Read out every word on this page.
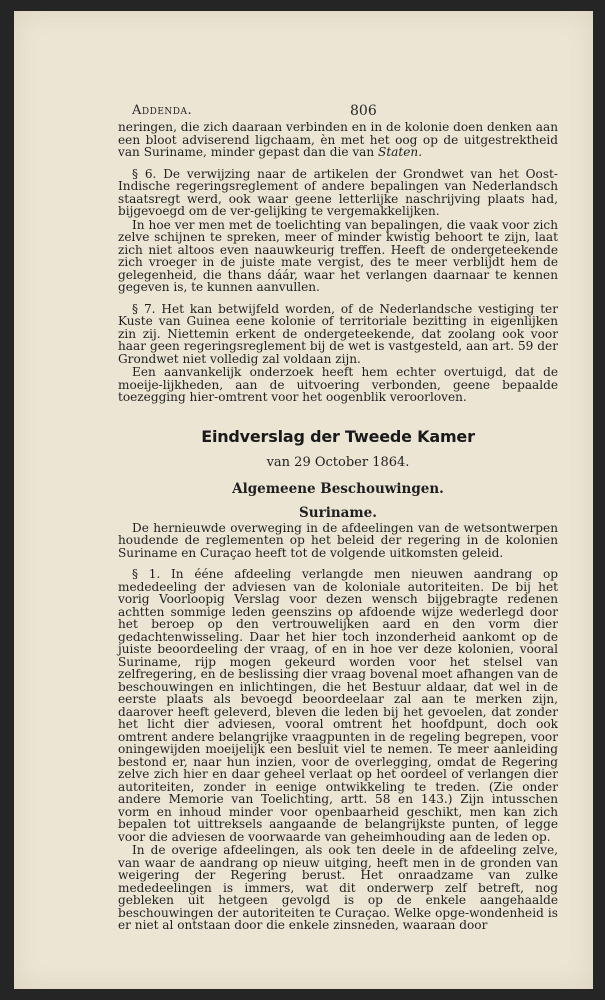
Addenda.	806

neringen, die zich daaraan verbinden en in de kolonie doen denken aan een bloot adviserend ligchaam, èn met het oog op de uitgestrektheid van Suriname, minder gepast dan die van Staten.

§ 6. De verwijzing naar de artikelen der Grondwet van het Oost-Indische regeringsreglement of andere bepalingen van Nederlandsch staatsregt werd, ook waar geene letterlijke naschrijving plaats had, bijgevoegd om de ver-gelijking te vergemakkelijken.

In hoe ver men met de toelichting van bepalingen, die vaak voor zich zelve schijnen te spreken, meer of minder kwistig behoort te zijn, laat zich niet altoos even naauwkeurig treffen. Heeft de ondergeteekende zich vroeger in de juiste mate vergist, des te meer verblijdt hem de gelegenheid, die thans dáár, waar het verlangen daarnaar te kennen gegeven is, te kunnen aanvullen.

§ 7. Het kan betwijfeld worden, of de Nederlandsche vestiging ter Kuste van Guinea eene kolonie of territoriale bezitting in eigenlijken zin zij. Niettemin erkent de ondergeteekende, dat zoolang ook voor haar geen regeringsreglement bij de wet is vastgesteld, aan art. 59 der Grondwet niet volledig zal voldaan zijn.

Een aanvankelijk onderzoek heeft hem echter overtuigd, dat de moeije-lijkheden, aan de uitvoering verbonden, geene bepaalde toezegging hier-omtrent voor het oogenblik veroorloven.

Eindverslag der Tweede Kamer
van 29 October 1864.
Algemeene Beschouwingen.
Suriname.

De hernieuwde overweging in de afdeelingen van de wetsontwerpen houdende de reglementen op het beleid der regering in de kolonien Suriname en Curaçao heeft tot de volgende uitkomsten geleid.

§ 1. In ééne afdeeling verlangde men nieuwen aandrang op mededeeling der adviesen van de koloniale autoriteiten. De bij het vorig Voorloopig Verslag voor dezen wensch bijgebragte redenen achtten sommige leden geenszins op afdoende wijze wederlegd door het beroep op den vertrouwelijken aard en den vorm dier gedachtenwisseling. Daar het hier toch inzonderheid aankomt op de juiste beoordeeling der vraag, of en in hoe ver deze kolonien, vooral Suriname, rijp mogen gekeurd worden voor het stelsel van zelfregering, en de beslissing dier vraag bovenal moet afhangen van de beschouwingen en inlichtingen, die het Bestuur aldaar, dat wel in de eerste plaats als bevoegd beoordeelaar zal aan te merken zijn, daarover heeft geleverd, bleven die leden bij het gevoelen, dat zonder het licht dier adviesen, vooral omtrent het hoofdpunt, doch ook omtrent andere belangrijke vraagpunten in de regeling begrepen, voor oningewijden moeijelijk een besluit viel te nemen. Te meer aanleiding bestond er, naar hun inzien, voor de overlegging, omdat de Regering zelve zich hier en daar geheel verlaat op het oordeel of verlangen dier autoriteiten, zonder in eenige ontwikkeling te treden. (Zie onder andere Memorie van Toelichting, artt. 58 en 143.) Zijn intusschen vorm en inhoud minder voor openbaarheid geschikt, men kan zich bepalen tot uittreksels aangaande de belangrijkste punten, of legge voor die adviesen de voorwaarde van geheimhouding aan de leden op.

In de overige afdeelingen, als ook ten deele in de afdeeling zelve, van waar de aandrang op nieuw uitging, heeft men in de gronden van weigering der Regering berust. Het onraadzame van zulke mededeelingen is immers, wat dit onderwerp zelf betreft, nog gebleken uit hetgeen gevolgd is op de enkele aangehaalde beschouwingen der autoriteiten te Curaçao. Welke opge-wondenheid is er niet al ontstaan door die enkele zinsneden, waaraan door
